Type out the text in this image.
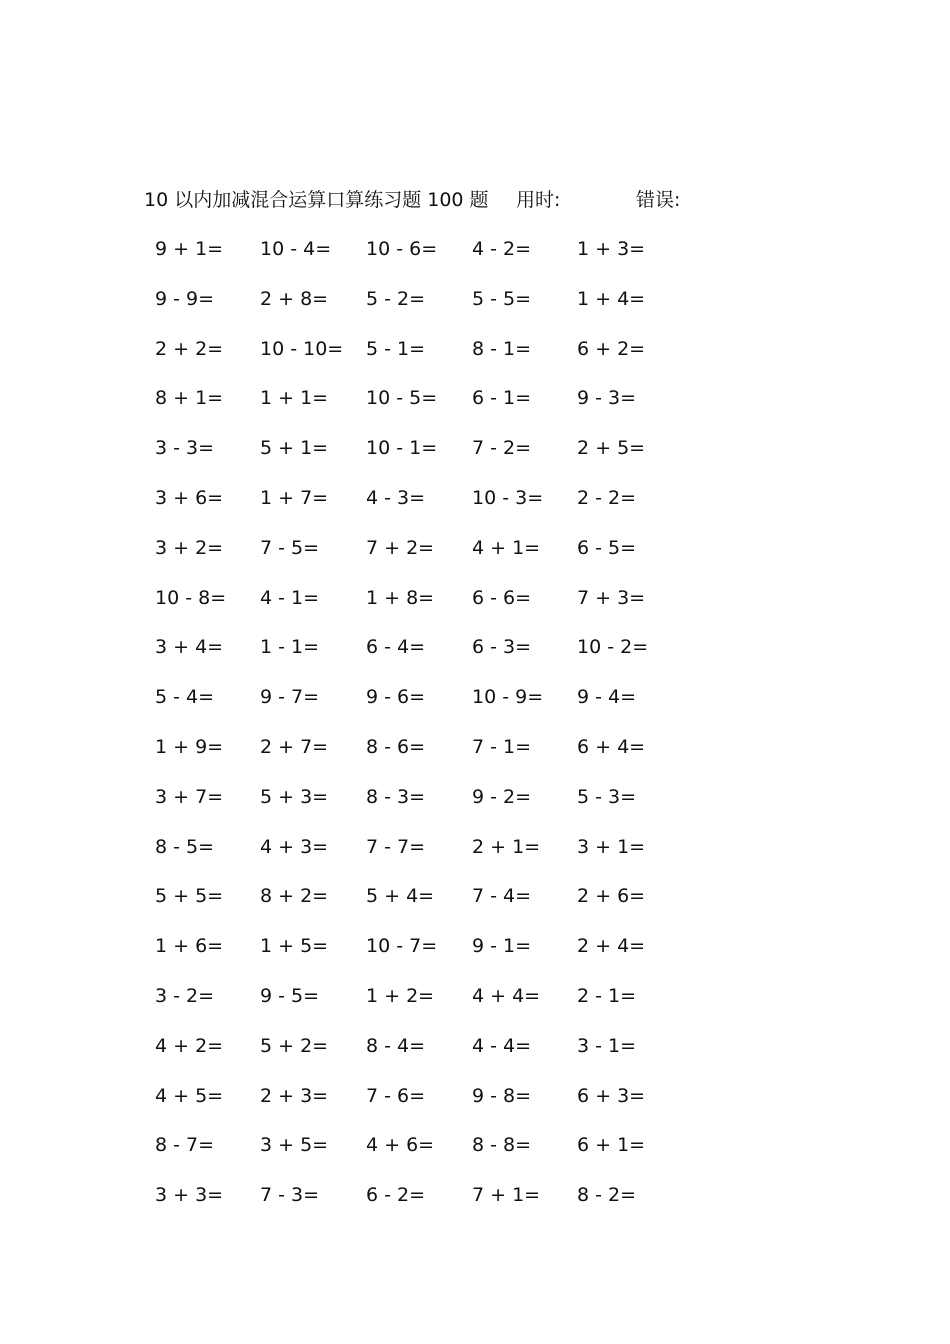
10 以内加减混合运算口算练习题 100 题 用时:	错误:
9 + 1= 10 - 4= 10 - 6= 4 - 2= 1 + 3=
9 - 9= 2 + 8= 5 - 2= 5 - 5= 1 + 4=
2 + 2= 10 - 10= 5 - 1= 8 - 1= 6 + 2=
8 + 1= 1 + 1= 10 - 5= 6 - 1= 9 - 3=
3 - 3= 5 + 1= 10 - 1= 7 - 2= 2 + 5=
3 + 6= 1 + 7= 4 - 3= 10 - 3= 2 - 2=
3 + 2= 7 - 5= 7 + 2= 4 + 1= 6 - 5=
10 - 8= 4 - 1= 1 + 8= 6 - 6= 7 + 3=
3 + 4= 1 - 1= 6 - 4= 6 - 3= 10 - 2=
5 - 4= 9 - 7= 9 - 6= 10 - 9= 9 - 4=
1 + 9= 2 + 7= 8 - 6= 7 - 1= 6 + 4=
3 + 7= 5 + 3= 8 - 3= 9 - 2= 5 - 3=
8 - 5= 4 + 3= 7 - 7= 2 + 1= 3 + 1=
5 + 5= 8 + 2= 5 + 4= 7 - 4= 2 + 6=
1 + 6= 1 + 5= 10 - 7= 9 - 1= 2 + 4=
3 - 2= 9 - 5= 1 + 2= 4 + 4= 2 - 1=
4 + 2= 5 + 2= 8 - 4= 4 - 4= 3 - 1=
4 + 5= 2 + 3= 7 - 6= 9 - 8= 6 + 3=
8 - 7= 3 + 5= 4 + 6= 8 - 8= 6 + 1=
3 + 3= 7 - 3= 6 - 2= 7 + 1= 8 - 2=
